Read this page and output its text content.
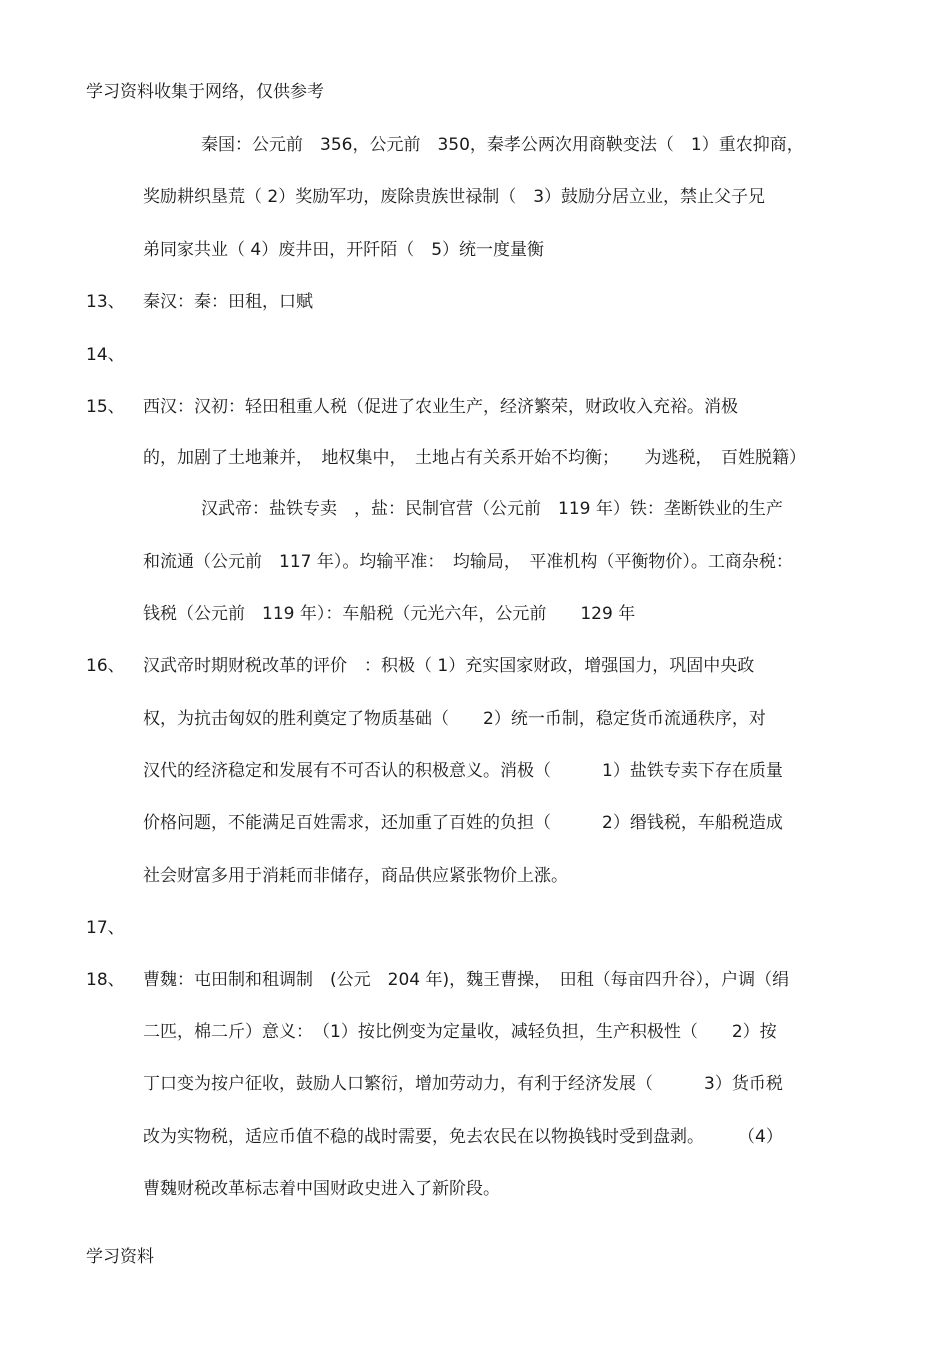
学习资料收集于网络，仅供参考
秦国：公元前　356，公元前　350，秦孝公两次用商鞅变法（　1）重农抑商，
奖励耕织垦荒（ 2）奖励军功，废除贵族世禄制（　3）鼓励分居立业，禁止父子兄
弟同家共业（ 4）废井田，开阡陌（　5）统一度量衡
13、 秦汉：秦：田租，口赋
14、
15、 西汉：汉初：轻田租重人税（促进了农业生产，经济繁荣，财政收入充裕。消极
的，加剧了土地兼并，　地权集中，　土地占有关系开始不均衡；　　为逃税，　百姓脱籍）
汉武帝：盐铁专卖　，盐：民制官营（公元前　119 年）铁：垄断铁业的生产
和流通（公元前　117 年）。均输平准：　均输局，　平准机构（平衡物价）。工商杂税：
钱税（公元前　119 年）：车船税（元光六年，公元前　　129 年
16、 汉武帝时期财税改革的评价　：积极（ 1）充实国家财政，增强国力，巩固中央政
权，为抗击匈奴的胜利奠定了物质基础（　　2）统一币制，稳定货币流通秩序，对
汉代的经济稳定和发展有不可否认的积极意义。消极（　　　1）盐铁专卖下存在质量
价格问题，不能满足百姓需求，还加重了百姓的负担（　　　2）缗钱税，车船税造成
社会财富多用于消耗而非储存，商品供应紧张物价上涨。
17、
18、 曹魏：屯田制和租调制　(公元　204 年)，魏王曹操，　田租（每亩四升谷），户调（绢
二匹，棉二斤）意义：　（1）按比例变为定量收，减轻负担，生产积极性（　　2）按
丁口变为按户征收，鼓励人口繁衍，增加劳动力，有利于经济发展（　　　3）货币税
改为实物税，适应币值不稳的战时需要，免去农民在以物换钱时受到盘剥。　　　（4）
曹魏财税改革标志着中国财政史进入了新阶段。
学习资料
